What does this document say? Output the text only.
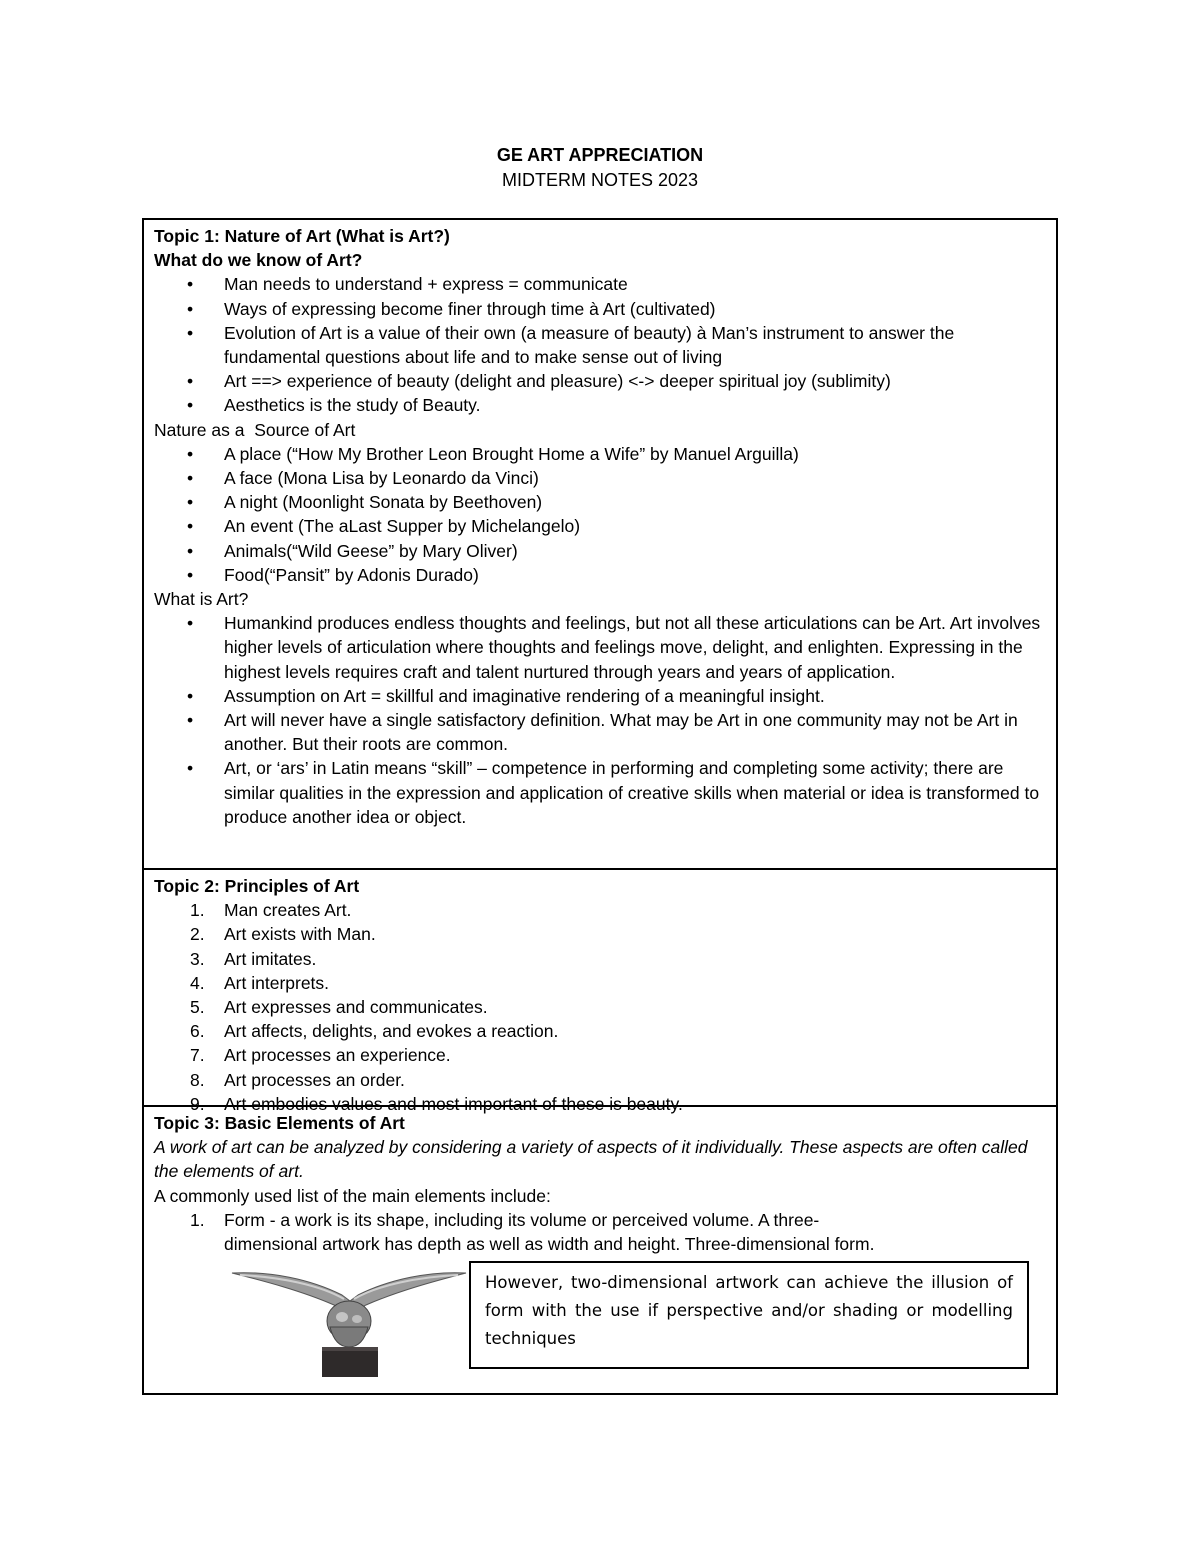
GE ART APPRECIATION
MIDTERM NOTES 2023
Topic 1: Nature of Art (What is Art?)
What do we know of Art?
• Man needs to understand + express = communicate
• Ways of expressing become finer through time à Art (cultivated)
• Evolution of Art is a value of their own (a measure of beauty) à Man’s instrument to answer the fundamental questions about life and to make sense out of living
• Art ==> experience of beauty (delight and pleasure) <-> deeper spiritual joy (sublimity)
• Aesthetics is the study of Beauty.
Nature as a  Source of Art
• A place (“How My Brother Leon Brought Home a Wife” by Manuel Arguilla)
• A face (Mona Lisa by Leonardo da Vinci)
• A night (Moonlight Sonata by Beethoven)
• An event (The aLast Supper by Michelangelo)
• Animals(“Wild Geese” by Mary Oliver)
• Food(“Pansit” by Adonis Durado)
What is Art?
• Humankind produces endless thoughts and feelings, but not all these articulations can be Art. Art involves higher levels of articulation where thoughts and feelings move, delight, and enlighten. Expressing in the highest levels requires craft and talent nurtured through years and years of application.
• Assumption on Art = skillful and imaginative rendering of a meaningful insight.
• Art will never have a single satisfactory definition. What may be Art in one community may not be Art in another. But their roots are common.
• Art, or ‘ars’ in Latin means “skill” – competence in performing and completing some activity; there are similar qualities in the expression and application of creative skills when material or idea is transformed to produce another idea or object.
Topic 2: Principles of Art
1. Man creates Art.
2. Art exists with Man.
3. Art imitates.
4. Art interprets.
5. Art expresses and communicates.
6. Art affects, delights, and evokes a reaction.
7. Art processes an experience.
8. Art processes an order.
9. Art embodies values and most important of these is beauty.
Topic 3: Basic Elements of Art
A work of art can be analyzed by considering a variety of aspects of it individually. These aspects are often called the elements of art.
A commonly used list of the main elements include:
1. Form - a work is its shape, including its volume or perceived volume. A three-dimensional artwork has depth as well as width and height. Three-dimensional form.
However, two-dimensional artwork can achieve the illusion of form with the use if perspective and/or shading or modelling techniques
